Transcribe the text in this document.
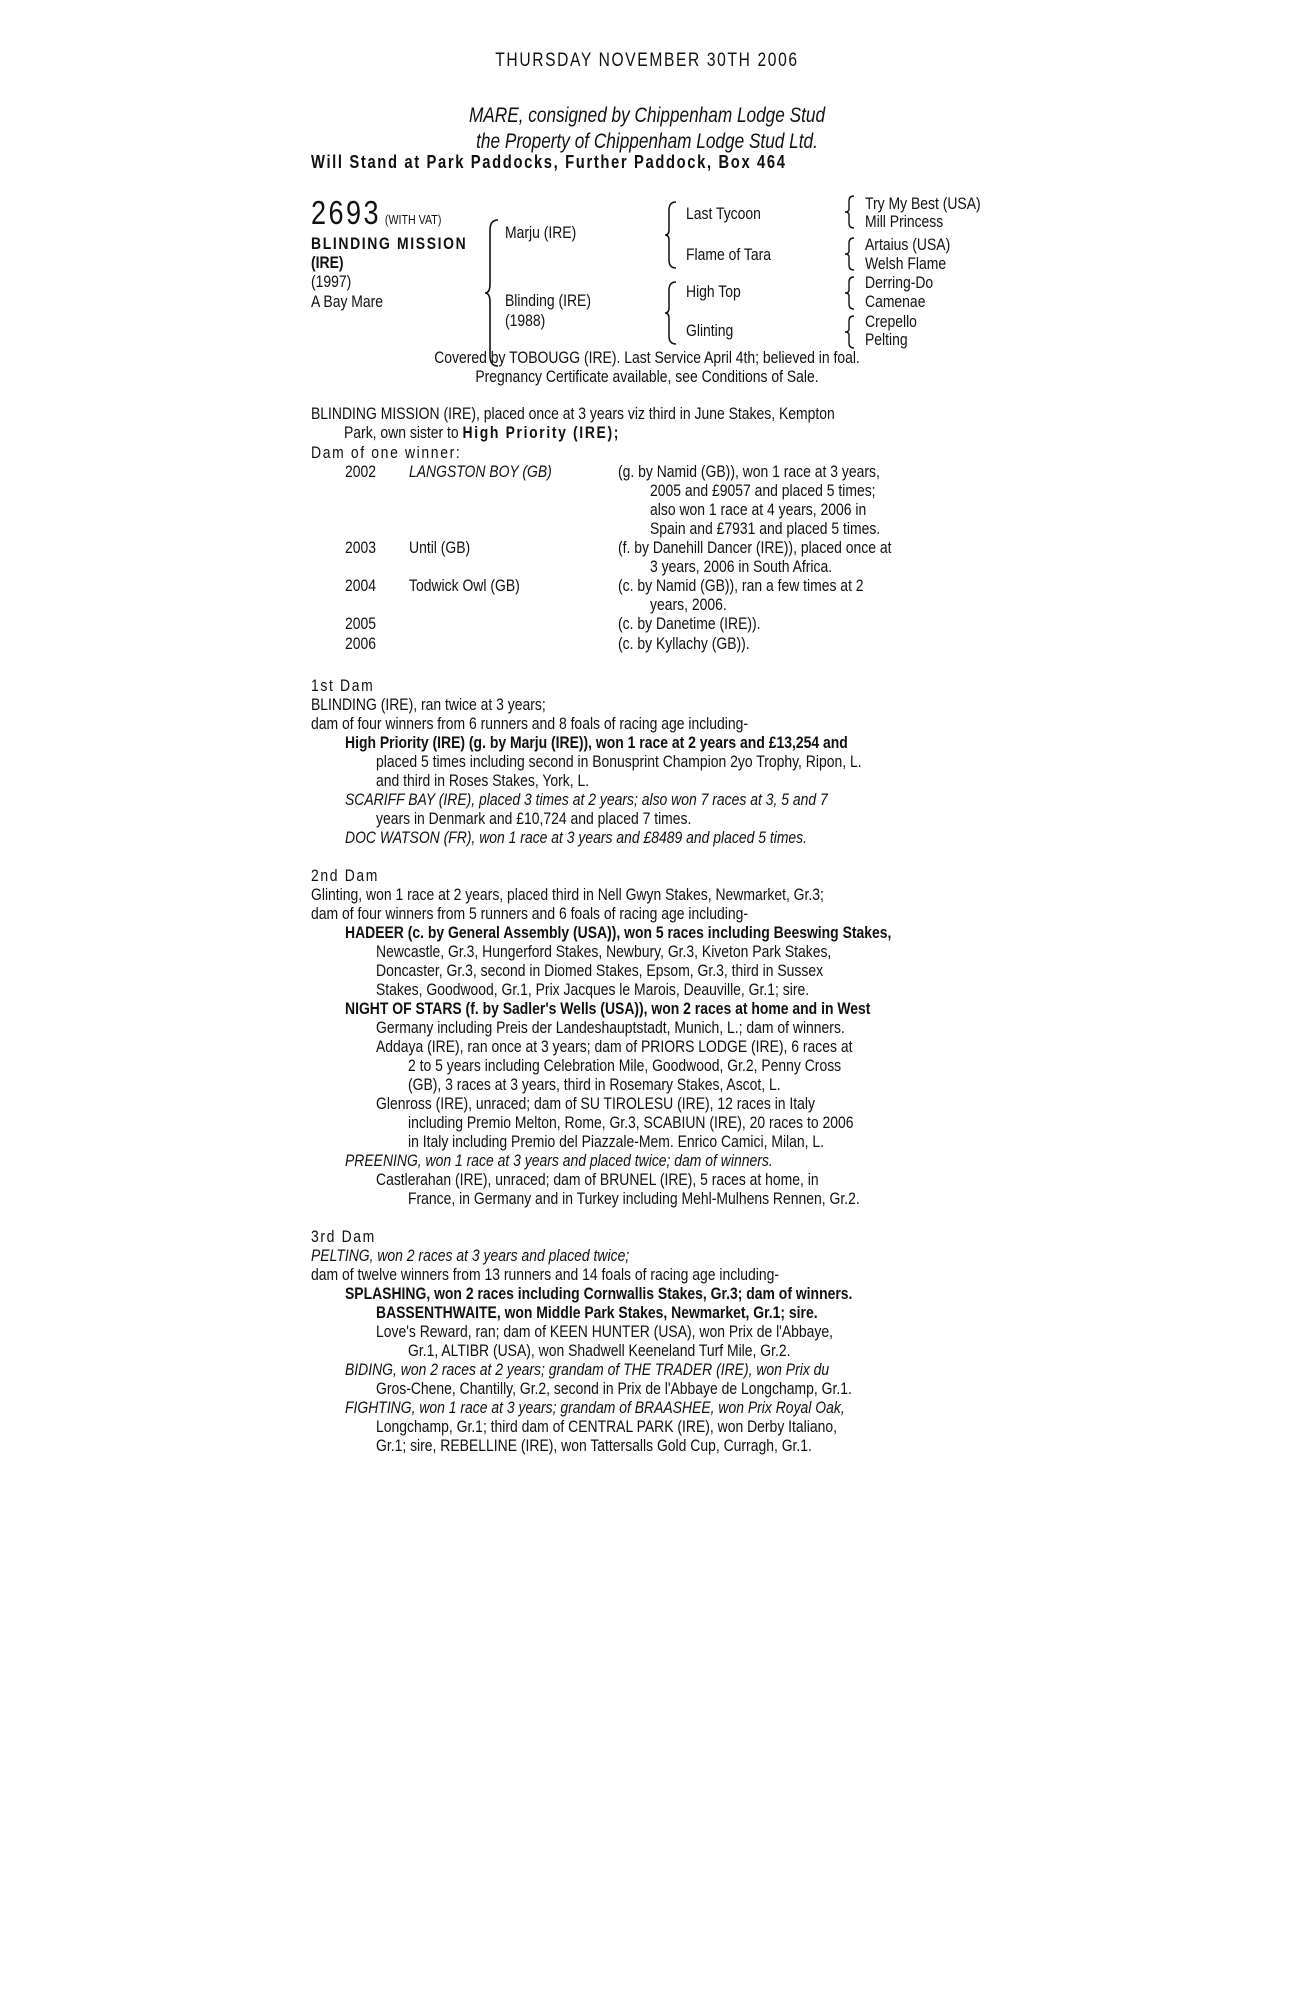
THURSDAY NOVEMBER 30TH 2006
MARE, consigned by Chippenham Lodge Stud
the Property of Chippenham Lodge Stud Ltd.
Will Stand at Park Paddocks, Further Paddock, Box 464
2693 (WITH VAT)
BLINDING MISSION
(IRE)
(1997)
A Bay Mare
Marju (IRE)
Blinding (IRE)
(1988)
Last Tycoon
Flame of Tara
High Top
Glinting
Try My Best (USA)
Mill Princess
Artaius (USA)
Welsh Flame
Derring-Do
Camenae
Crepello
Pelting
Covered by TOBOUGG (IRE). Last Service April 4th; believed in foal.
Pregnancy Certificate available, see Conditions of Sale.
BLINDING MISSION (IRE), placed once at 3 years viz third in June Stakes, Kempton
Park, own sister to High Priority (IRE);
Dam of one winner:
2002 LANGSTON BOY (GB)	(g. by Namid (GB)), won 1 race at 3 years,
2005 and £9057 and placed 5 times;
also won 1 race at 4 years, 2006 in
Spain and £7931 and placed 5 times.
2003 Until (GB)	(f. by Danehill Dancer (IRE)), placed once at
3 years, 2006 in South Africa.
2004 Todwick Owl (GB)	(c. by Namid (GB)), ran a few times at 2
years, 2006.
2005	(c. by Danetime (IRE)).
2006	(c. by Kyllachy (GB)).
1st Dam
BLINDING (IRE), ran twice at 3 years;
dam of four winners from 6 runners and 8 foals of racing age including-
High Priority (IRE) (g. by Marju (IRE)), won 1 race at 2 years and £13,254 and
placed 5 times including second in Bonusprint Champion 2yo Trophy, Ripon, L.
and third in Roses Stakes, York, L.
SCARIFF BAY (IRE), placed 3 times at 2 years; also won 7 races at 3, 5 and 7
years in Denmark and £10,724 and placed 7 times.
DOC WATSON (FR), won 1 race at 3 years and £8489 and placed 5 times.
2nd Dam
Glinting, won 1 race at 2 years, placed third in Nell Gwyn Stakes, Newmarket, Gr.3;
dam of four winners from 5 runners and 6 foals of racing age including-
HADEER (c. by General Assembly (USA)), won 5 races including Beeswing Stakes,
Newcastle, Gr.3, Hungerford Stakes, Newbury, Gr.3, Kiveton Park Stakes,
Doncaster, Gr.3, second in Diomed Stakes, Epsom, Gr.3, third in Sussex
Stakes, Goodwood, Gr.1, Prix Jacques le Marois, Deauville, Gr.1; sire.
NIGHT OF STARS (f. by Sadler's Wells (USA)), won 2 races at home and in West
Germany including Preis der Landeshauptstadt, Munich, L.; dam of winners.
Addaya (IRE), ran once at 3 years; dam of PRIORS LODGE (IRE), 6 races at
2 to 5 years including Celebration Mile, Goodwood, Gr.2, Penny Cross
(GB), 3 races at 3 years, third in Rosemary Stakes, Ascot, L.
Glenross (IRE), unraced; dam of SU TIROLESU (IRE), 12 races in Italy
including Premio Melton, Rome, Gr.3, SCABIUN (IRE), 20 races to 2006
in Italy including Premio del Piazzale-Mem. Enrico Camici, Milan, L.
PREENING, won 1 race at 3 years and placed twice; dam of winners.
Castlerahan (IRE), unraced; dam of BRUNEL (IRE), 5 races at home, in
France, in Germany and in Turkey including Mehl-Mulhens Rennen, Gr.2.
3rd Dam
PELTING, won 2 races at 3 years and placed twice;
dam of twelve winners from 13 runners and 14 foals of racing age including-
SPLASHING, won 2 races including Cornwallis Stakes, Gr.3; dam of winners.
BASSENTHWAITE, won Middle Park Stakes, Newmarket, Gr.1; sire.
Love's Reward, ran; dam of KEEN HUNTER (USA), won Prix de l'Abbaye,
Gr.1, ALTIBR (USA), won Shadwell Keeneland Turf Mile, Gr.2.
BIDING, won 2 races at 2 years; grandam of THE TRADER (IRE), won Prix du
Gros-Chene, Chantilly, Gr.2, second in Prix de l'Abbaye de Longchamp, Gr.1.
FIGHTING, won 1 race at 3 years; grandam of BRAASHEE, won Prix Royal Oak,
Longchamp, Gr.1; third dam of CENTRAL PARK (IRE), won Derby Italiano,
Gr.1; sire, REBELLINE (IRE), won Tattersalls Gold Cup, Curragh, Gr.1.
